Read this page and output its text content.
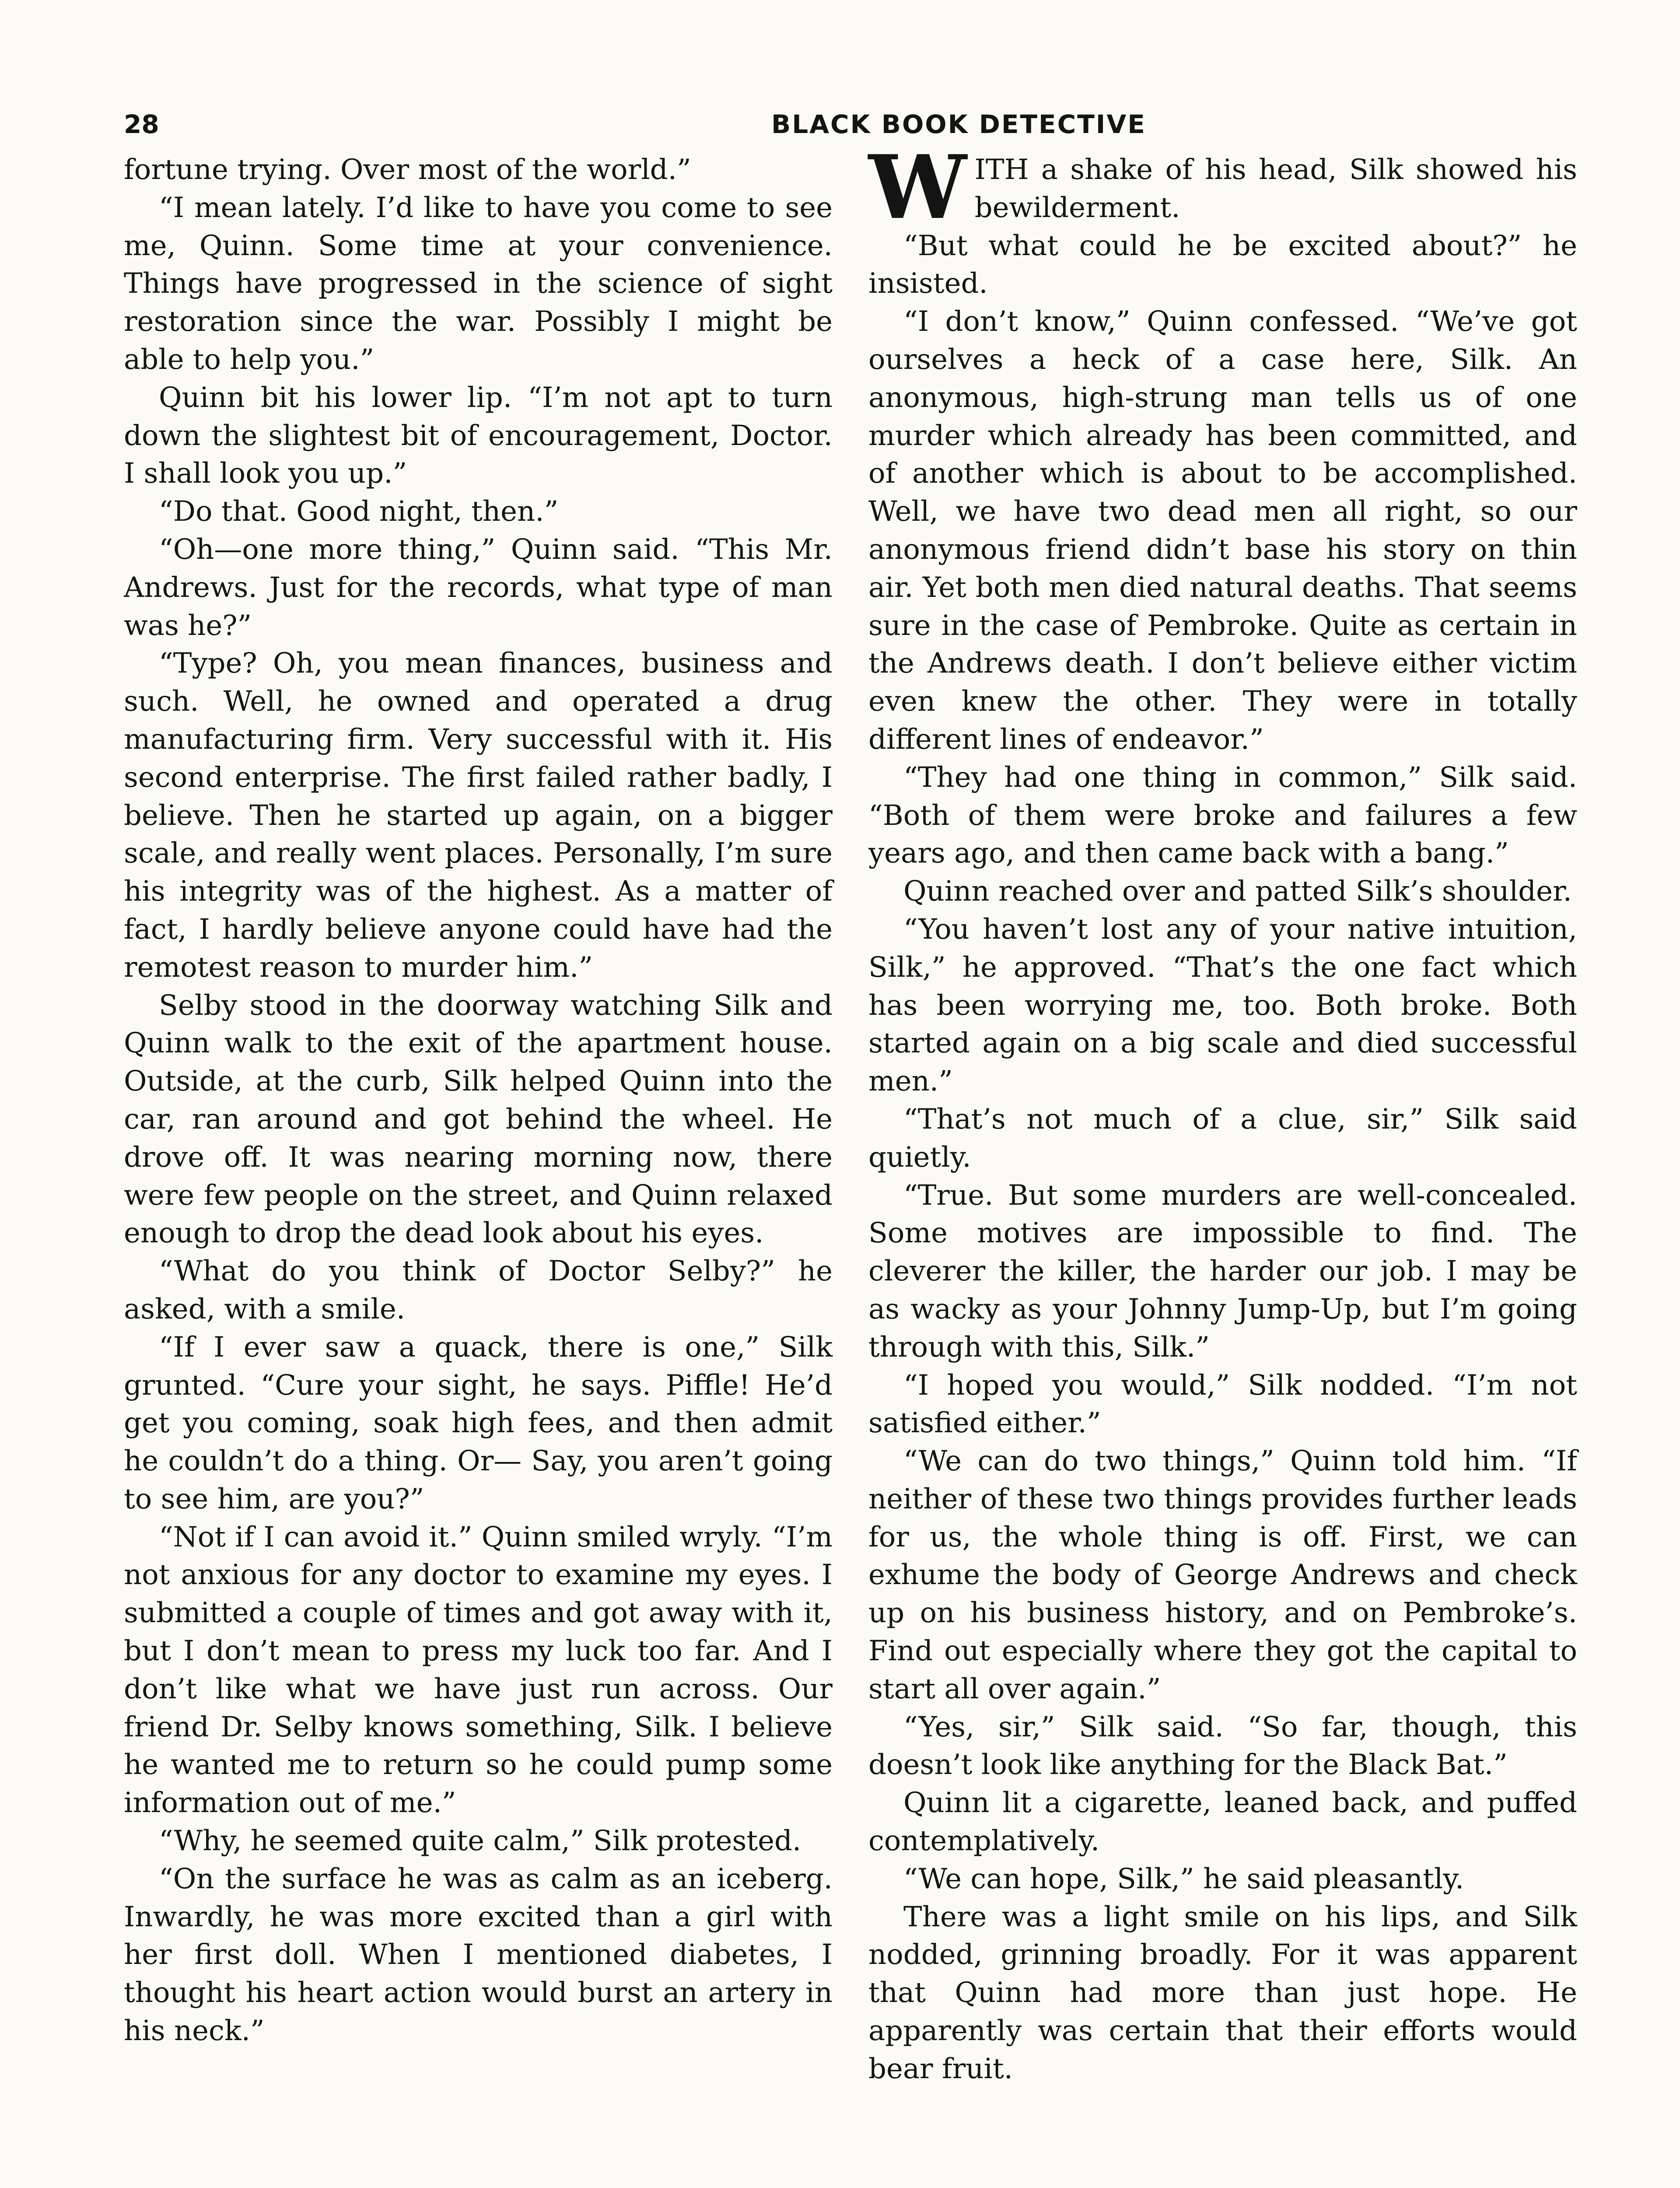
28	BLACK BOOK DETECTIVE

fortune trying. Over most of the world.”

“I mean lately. I’d like to have you come to see me, Quinn. Some time at your convenience. Things have progressed in the science of sight restoration since the war. Possibly I might be able to help you.”

Quinn bit his lower lip. “I’m not apt to turn down the slightest bit of encouragement, Doctor. I shall look you up.”

“Do that. Good night, then.”

“Oh—one more thing,” Quinn said. “This Mr. Andrews. Just for the records, what type of man was he?”

“Type? Oh, you mean finances, business and such. Well, he owned and operated a drug manufacturing firm. Very successful with it. His second enterprise. The first failed rather badly, I believe. Then he started up again, on a bigger scale, and really went places. Personally, I’m sure his integrity was of the highest. As a matter of fact, I hardly believe anyone could have had the remotest reason to murder him.”

Selby stood in the doorway watching Silk and Quinn walk to the exit of the apartment house. Outside, at the curb, Silk helped Quinn into the car, ran around and got behind the wheel. He drove off. It was nearing morning now, there were few people on the street, and Quinn relaxed enough to drop the dead look about his eyes.

“What do you think of Doctor Selby?” he asked, with a smile.

“If I ever saw a quack, there is one,” Silk grunted. “Cure your sight, he says. Piffle! He’d get you coming, soak high fees, and then admit he couldn’t do a thing. Or— Say, you aren’t going to see him, are you?”

“Not if I can avoid it.” Quinn smiled wryly. “I’m not anxious for any doctor to examine my eyes. I submitted a couple of times and got away with it, but I don’t mean to press my luck too far. And I don’t like what we have just run across. Our friend Dr. Selby knows something, Silk. I believe he wanted me to return so he could pump some information out of me.”

“Why, he seemed quite calm,” Silk protested.

“On the surface he was as calm as an iceberg. Inwardly, he was more excited than a girl with her first doll. When I mentioned diabetes, I thought his heart action would burst an artery in his neck.”

WITH a shake of his head, Silk showed his bewilderment.

“But what could he be excited about?” he insisted.

“I don’t know,” Quinn confessed. “We’ve got ourselves a heck of a case here, Silk. An anonymous, high-strung man tells us of one murder which already has been committed, and of another which is about to be accomplished. Well, we have two dead men all right, so our anonymous friend didn’t base his story on thin air. Yet both men died natural deaths. That seems sure in the case of Pembroke. Quite as certain in the Andrews death. I don’t believe either victim even knew the other. They were in totally different lines of endeavor.”

“They had one thing in common,” Silk said. “Both of them were broke and failures a few years ago, and then came back with a bang.”

Quinn reached over and patted Silk’s shoulder.

“You haven’t lost any of your native intuition, Silk,” he approved. “That’s the one fact which has been worrying me, too. Both broke. Both started again on a big scale and died successful men.”

“That’s not much of a clue, sir,” Silk said quietly.

“True. But some murders are well-concealed. Some motives are impossible to find. The cleverer the killer, the harder our job. I may be as wacky as your Johnny Jump-Up, but I’m going through with this, Silk.”

“I hoped you would,” Silk nodded. “I’m not satisfied either.”

“We can do two things,” Quinn told him. “If neither of these two things provides further leads for us, the whole thing is off. First, we can exhume the body of George Andrews and check up on his business history, and on Pembroke’s. Find out especially where they got the capital to start all over again.”

“Yes, sir,” Silk said. “So far, though, this doesn’t look like anything for the Black Bat.”

Quinn lit a cigarette, leaned back, and puffed contemplatively.

“We can hope, Silk,” he said pleasantly.

There was a light smile on his lips, and Silk nodded, grinning broadly. For it was apparent that Quinn had more than just hope. He apparently was certain that their efforts would bear fruit.
